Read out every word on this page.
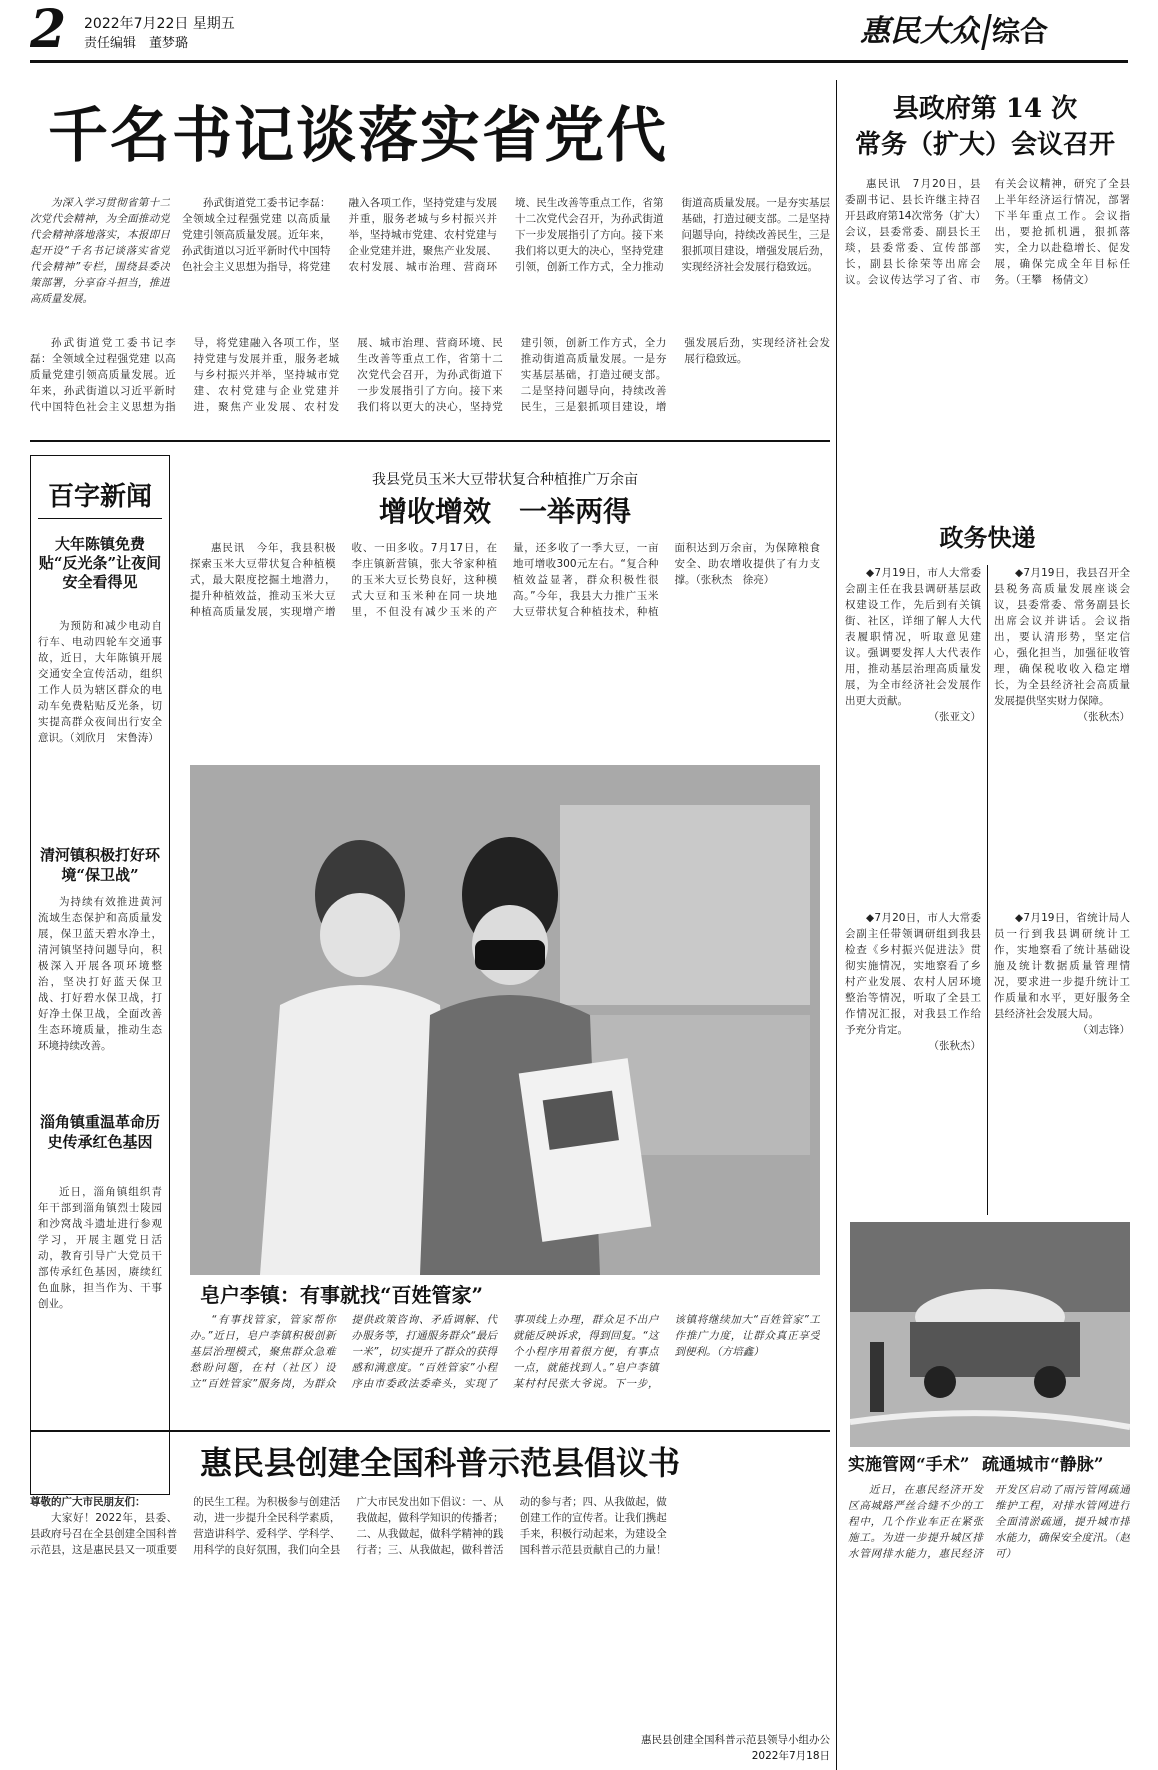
2	2022年7月22日 星期五
责任编辑　董梦璐	惠民大众 综合
千名书记谈落实省党代

为深入学习贯彻省第十二次党代会精神，为全面推动党代会精神落地落实，本报即日起开设“千名书记谈落实省党代会精神”专栏，围绕县委决策部署，分享奋斗担当，推进高质量发展。

孙武街道党工委书记李磊：全领域全过程强党建 以高质量党建引领高质量发展。近年来，孙武街道以习近平新时代中国特色社会主义思想为指导，将党建融入各项工作，坚持党建与发展并重，服务老城与乡村振兴并举，坚持城市党建、农村党建与企业党建并进，聚焦产业发展、农村发展、城市治理、营商环境、民生改善等重点工作，省第十二次党代会召开，为孙武街道下一步发展指引了方向。接下来我们将以更大的决心，坚持党建引领，创新工作方式，全力推动街道高质量发展。一是夯实基层基础，打造过硬支部。二是坚持问题导向，持续改善民生，三是狠抓项目建设，增强发展后劲，实现经济社会发展行稳致远。

孙武街道党工委书记李磊：全领域全过程强党建 以高质量党建引领高质量发展。近年来，孙武街道以习近平新时代中国特色社会主义思想为指导，将党建融入各项工作，坚持党建与发展并重，服务老城与乡村振兴并举，坚持城市党建、农村党建与企业党建并进，聚焦产业发展、农村发展、城市治理、营商环境、民生改善等重点工作，省第十二次党代会召开，为孙武街道下一步发展指引了方向。接下来我们将以更大的决心，坚持党建引领，创新工作方式，全力推动街道高质量发展。一是夯实基层基础，打造过硬支部。二是坚持问题导向，持续改善民生，三是狠抓项目建设，增强发展后劲，实现经济社会发展行稳致远。

县政府第 14 次
常务（扩大）会议召开

惠民讯　7月20日，县委副书记、县长许继主持召开县政府第14次常务（扩大）会议，县委常委、副县长王琰，县委常委、宣传部部长，副县长徐荣等出席会议。会议传达学习了省、市有关会议精神，研究了全县上半年经济运行情况，部署下半年重点工作。会议指出，要抢抓机遇，狠抓落实，全力以赴稳增长、促发展，确保完成全年目标任务。（王攀　杨倩文）

百字新闻
大年陈镇免费贴“反光条”让夜间安全看得见

为预防和减少电动自行车、电动四轮车交通事故，近日，大年陈镇开展交通安全宣传活动，组织工作人员为辖区群众的电动车免费粘贴反光条，切实提高群众夜间出行安全意识。（刘欣月　宋鲁涛）

清河镇积极打好环境“保卫战”

为持续有效推进黄河流域生态保护和高质量发展，保卫蓝天碧水净土，清河镇坚持问题导向，积极深入开展各项环境整治，坚决打好蓝天保卫战、打好碧水保卫战，打好净土保卫战，全面改善生态环境质量，推动生态环境持续改善。

淄角镇重温革命历史传承红色基因

近日，淄角镇组织青年干部到淄角镇烈士陵园和沙窝战斗遗址进行参观学习，开展主题党日活动，教育引导广大党员干部传承红色基因，赓续红色血脉，担当作为、干事创业。

我县党员玉米大豆带状复合种植推广万余亩
增收增效　一举两得

惠民讯　今年，我县积极探索玉米大豆带状复合种植模式，最大限度挖掘土地潜力，提升种植效益，推动玉米大豆种植高质量发展，实现增产增收、一田多收。7月17日，在李庄镇新营镇，张大爷家种植的玉米大豆长势良好，这种模式大豆和玉米种在同一块地里，不但没有减少玉米的产量，还多收了一季大豆，一亩地可增收300元左右。“复合种植效益显著，群众积极性很高。”今年，我县大力推广玉米大豆带状复合种植技术，种植面积达到万余亩，为保障粮食安全、助农增收提供了有力支撑。（张秋杰　徐亮）

皂户李镇：有事就找“百姓管家”

“有事找管家，管家帮你办。”近日，皂户李镇积极创新基层治理模式，聚焦群众急难愁盼问题，在村（社区）设立“百姓管家”服务岗，为群众提供政策咨询、矛盾调解、代办服务等，打通服务群众“最后一米”，切实提升了群众的获得感和满意度。“百姓管家”小程序由市委政法委牵头，实现了事项线上办理，群众足不出户就能反映诉求，得到回复。“这个小程序用着很方便，有事点一点，就能找到人。”皂户李镇某村村民张大爷说。下一步，该镇将继续加大“百姓管家”工作推广力度，让群众真正享受到便利。（方培鑫）

政务快递

◆7月19日，市人大常委会副主任在我县调研基层政权建设工作，先后到有关镇街、社区，详细了解人大代表履职情况，听取意见建议。强调要发挥人大代表作用，推动基层治理高质量发展，为全市经济社会发展作出更大贡献。

（张亚文）

◆7月19日，我县召开全县税务高质量发展座谈会议，县委常委、常务副县长出席会议并讲话。会议指出，要认清形势，坚定信心，强化担当，加强征收管理，确保税收收入稳定增长，为全县经济社会高质量发展提供坚实财力保障。

（张秋杰）

◆7月20日，市人大常委会副主任带领调研组到我县检查《乡村振兴促进法》贯彻实施情况，实地察看了乡村产业发展、农村人居环境整治等情况，听取了全县工作情况汇报，对我县工作给予充分肯定。

（张秋杰）

◆7月19日，省统计局人员一行到我县调研统计工作，实地察看了统计基础设施及统计数据质量管理情况，要求进一步提升统计工作质量和水平，更好服务全县经济社会发展大局。

（刘志锋）
实施管网“手术” 疏通城市“静脉”

近日，在惠民经济开发区高城路严丝合缝不少的工程中，几个作业车正在紧张施工。为进一步提升城区排水管网排水能力，惠民经济开发区启动了雨污管网疏通维护工程，对排水管网进行全面清淤疏通，提升城市排水能力，确保安全度汛。（赵可）

惠民县创建全国科普示范县倡议书
尊敬的广大市民朋友们：

大家好！2022年，县委、县政府号召在全县创建全国科普示范县，这是惠民县又一项重要的民生工程。为积极参与创建活动，进一步提升全民科学素质，营造讲科学、爱科学、学科学、用科学的良好氛围，我们向全县广大市民发出如下倡议：一、从我做起，做科学知识的传播者；二、从我做起，做科学精神的践行者；三、从我做起，做科普活动的参与者；四、从我做起，做创建工作的宣传者。让我们携起手来，积极行动起来，为建设全国科普示范县贡献自己的力量！

惠民县创建全国科普示范县领导小组办公
2022年7月18日
